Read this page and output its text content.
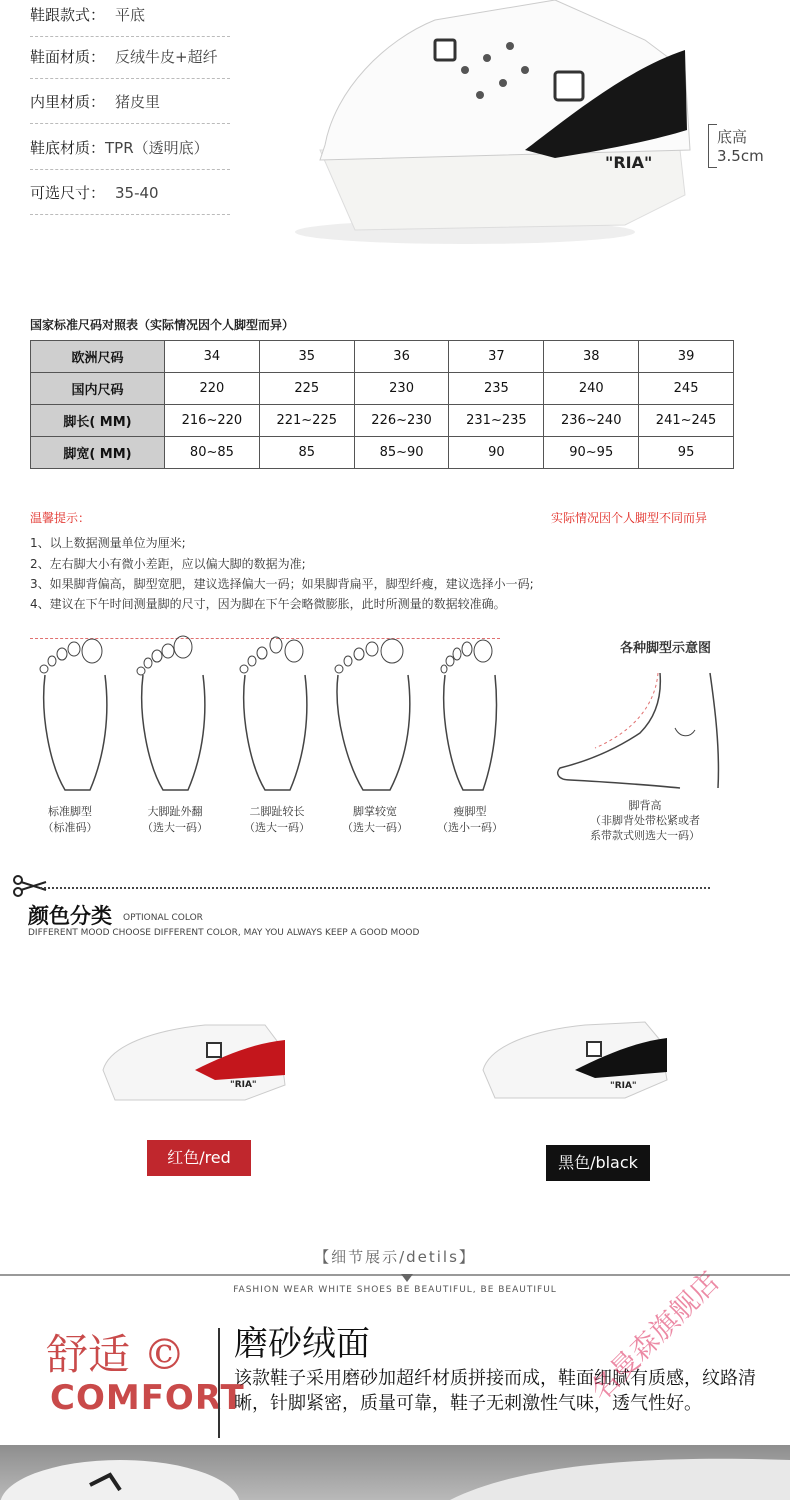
鞋跟款式： 平底
鞋面材质： 反绒牛皮+超纤
内里材质： 猪皮里
鞋底材质：TPR（透明底）
可选尺寸： 35-40
"RIA"
底高
3.5cm
国家标准尺码对照表（实际情况因个人脚型而异）
欧洲尺码	34	35	36	37	38	39
国内尺码	220	225	230	235	240	245
脚长( MM)	216~220	221~225	226~230	231~235	236~240	241~245
脚宽( MM)	80~85	85	85~90	90	90~95	95
温馨提示：	实际情况因个人脚型不同而异
1、以上数据测量单位为厘米;
2、左右脚大小有微小差距，应以偏大脚的数据为准;
3、如果脚背偏高，脚型宽肥，建议选择偏大一码；如果脚背扁平，脚型纤瘦，建议选择小一码;
4、建议在下午时间测量脚的尺寸，因为脚在下午会略微膨胀，此时所测量的数据较准确。
标准脚型
（标准码）
大脚趾外翻
（选大一码）
二脚趾较长
（选大一码）
脚掌较宽
（选大一码）
瘦脚型
（选小一码）
各种脚型示意图
脚背高
（非脚背处带松紧或者
系带款式则选大一码）
颜色分类 OPTIONAL COLOR
DIFFERENT MOOD CHOOSE DIFFERENT COLOR, MAY YOU ALWAYS KEEP A GOOD MOOD
"RIA"	"RIA"
红色/red	黑色/black
【细节展示/detils】
FASHION WEAR WHITE SHOES BE BEAUTIFUL, BE BEAUTIFUL
舒适 ©
COMFORT
磨砂绒面
该款鞋子采用磨砂加超纤材质拼接而成，鞋面细腻有质感，纹路清晰，针脚紧密，质量可靠，鞋子无刺激性气味，透气性好。
名曼森旗舰店
